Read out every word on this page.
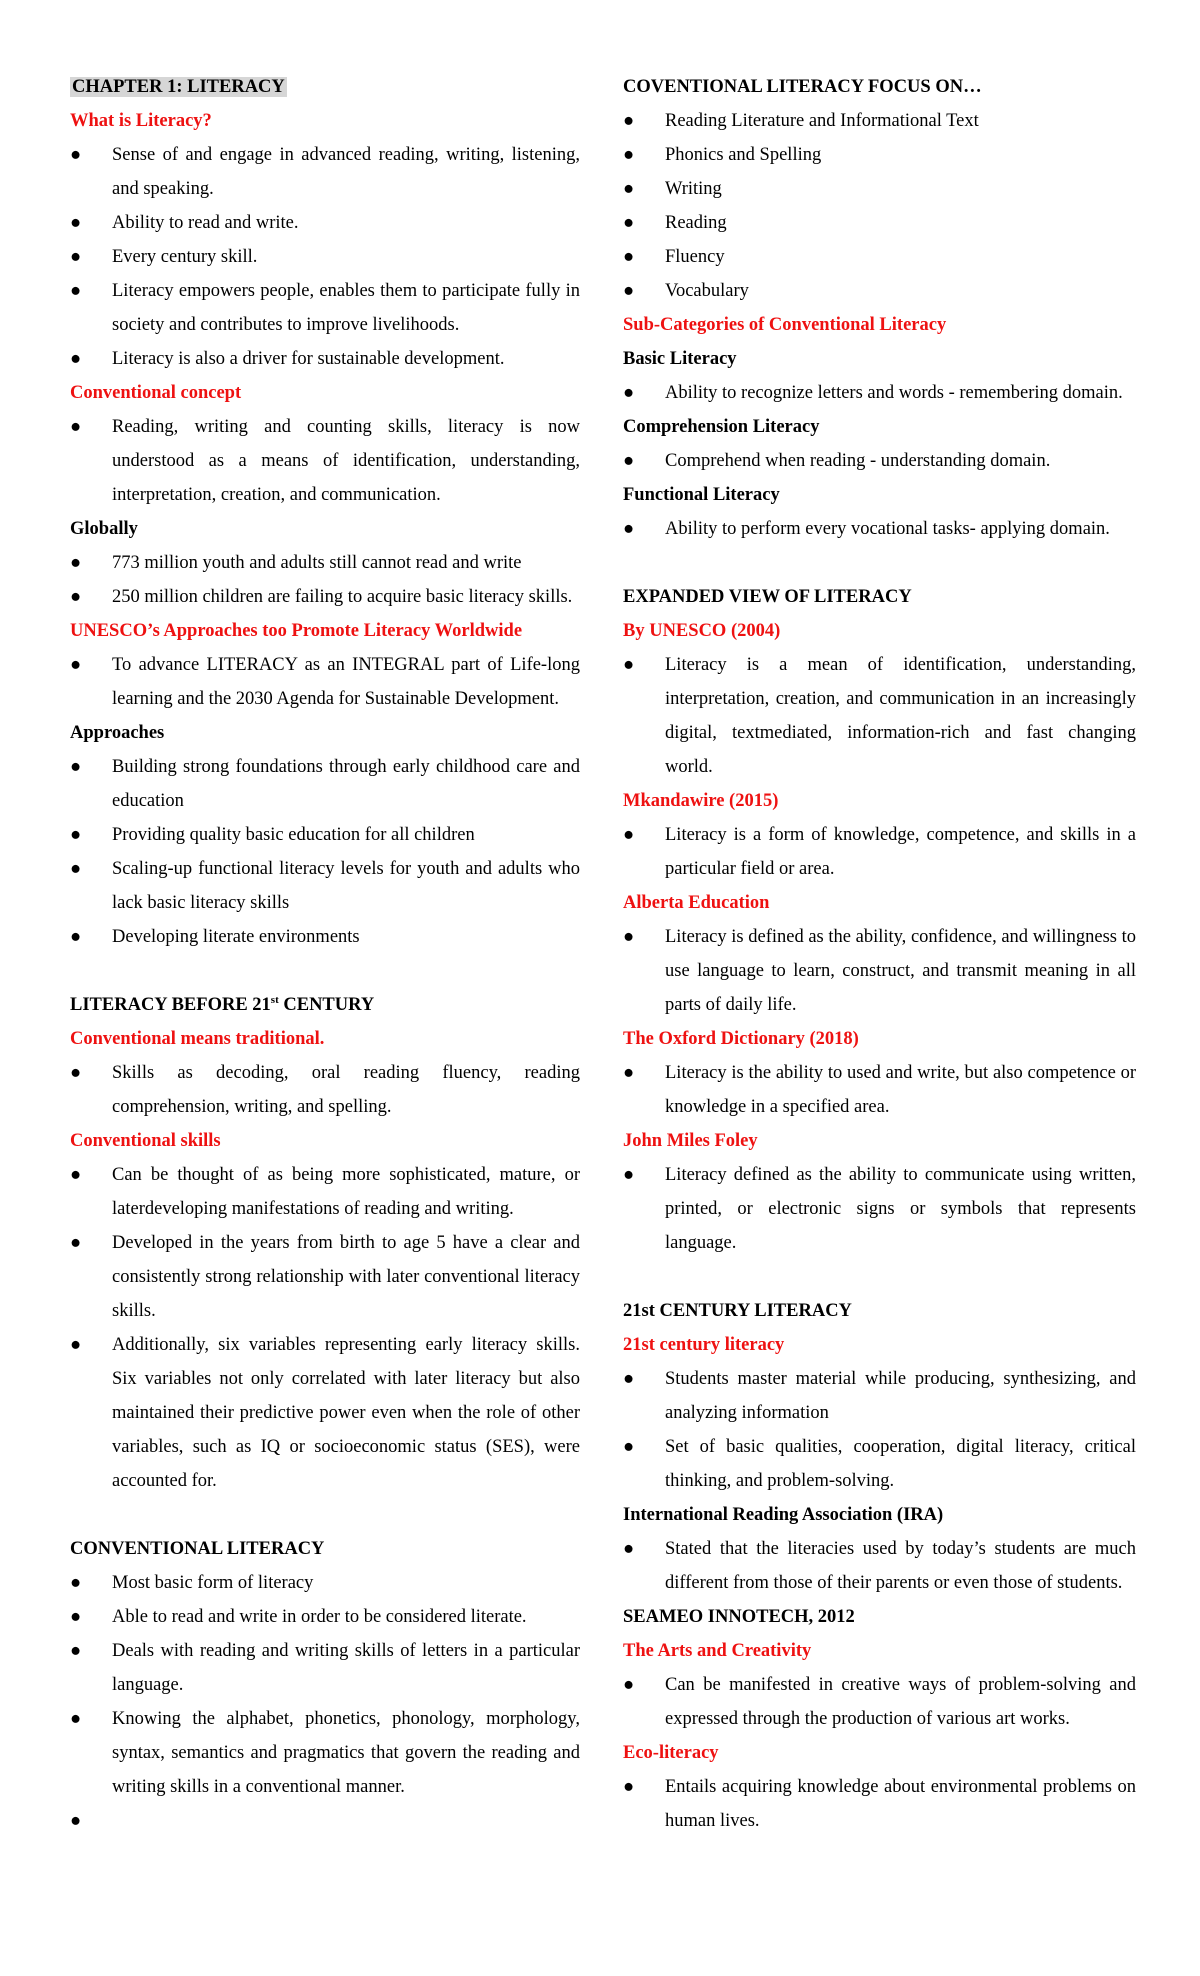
CHAPTER 1: LITERACY
What is Literacy?
●	Sense of and engage in advanced reading, writing, listening, and speaking.
●	Ability to read and write.
●	Every century skill.
●	Literacy empowers people, enables them to participate fully in society and contributes to improve livelihoods.
●	Literacy is also a driver for sustainable development.
Conventional concept
●	Reading, writing and counting skills, literacy is now understood as a means of identification, understanding, interpretation, creation, and communication.
Globally
●	773 million youth and adults still cannot read and write
●	250 million children are failing to acquire basic literacy skills.
UNESCO’s Approaches too Promote Literacy Worldwide
●	To advance LITERACY as an INTEGRAL part of Life-long learning and the 2030 Agenda for Sustainable Development.
Approaches
●	Building strong foundations through early childhood care and education
●	Providing quality basic education for all children
●	Scaling-up functional literacy levels for youth and adults who lack basic literacy skills
●	Developing literate environments
LITERACY BEFORE 21st CENTURY
Conventional means traditional.
●	Skills as decoding, oral reading fluency, reading comprehension, writing, and spelling.
Conventional skills
●	Can be thought of as being more sophisticated, mature, or laterdeveloping manifestations of reading and writing.
●	Developed in the years from birth to age 5 have a clear and consistently strong relationship with later conventional literacy skills.
●	Additionally, six variables representing early literacy skills. Six variables not only correlated with later literacy but also maintained their predictive power even when the role of other variables, such as IQ or socioeconomic status (SES), were accounted for.
CONVENTIONAL LITERACY
●	Most basic form of literacy
●	Able to read and write in order to be considered literate.
●	Deals with reading and writing skills of letters in a particular language.
●	Knowing the alphabet, phonetics, phonology, morphology, syntax, semantics and pragmatics that govern the reading and writing skills in a conventional manner.
●

COVENTIONAL LITERACY FOCUS ON…
●	Reading Literature and Informational Text
●	Phonics and Spelling
●	Writing
●	Reading
●	Fluency
●	Vocabulary
Sub-Categories of Conventional Literacy
Basic Literacy
●	Ability to recognize letters and words - remembering domain.
Comprehension Literacy
●	Comprehend when reading - understanding domain.
Functional Literacy
●	Ability to perform every vocational tasks- applying domain.
EXPANDED VIEW OF LITERACY
By UNESCO (2004)
●	Literacy is a mean of identification, understanding, interpretation, creation, and communication in an increasingly digital, textmediated, information-rich and fast changing world.
Mkandawire (2015)
●	Literacy is a form of knowledge, competence, and skills in a particular field or area.
Alberta Education
●	Literacy is defined as the ability, confidence, and willingness to use language to learn, construct, and transmit meaning in all parts of daily life.
The Oxford Dictionary (2018)
●	Literacy is the ability to used and write, but also competence or knowledge in a specified area.
John Miles Foley
●	Literacy defined as the ability to communicate using written, printed, or electronic signs or symbols that represents language.
21st CENTURY LITERACY
21st century literacy
●	Students master material while producing, synthesizing, and analyzing information
●	Set of basic qualities, cooperation, digital literacy, critical thinking, and problem-solving.
International Reading Association (IRA)
●	Stated that the literacies used by today’s students are much different from those of their parents or even those of students.
SEAMEO INNOTECH, 2012
The Arts and Creativity
●	Can be manifested in creative ways of problem-solving and expressed through the production of various art works.
Eco-literacy
●	Entails acquiring knowledge about environmental problems on human lives.
